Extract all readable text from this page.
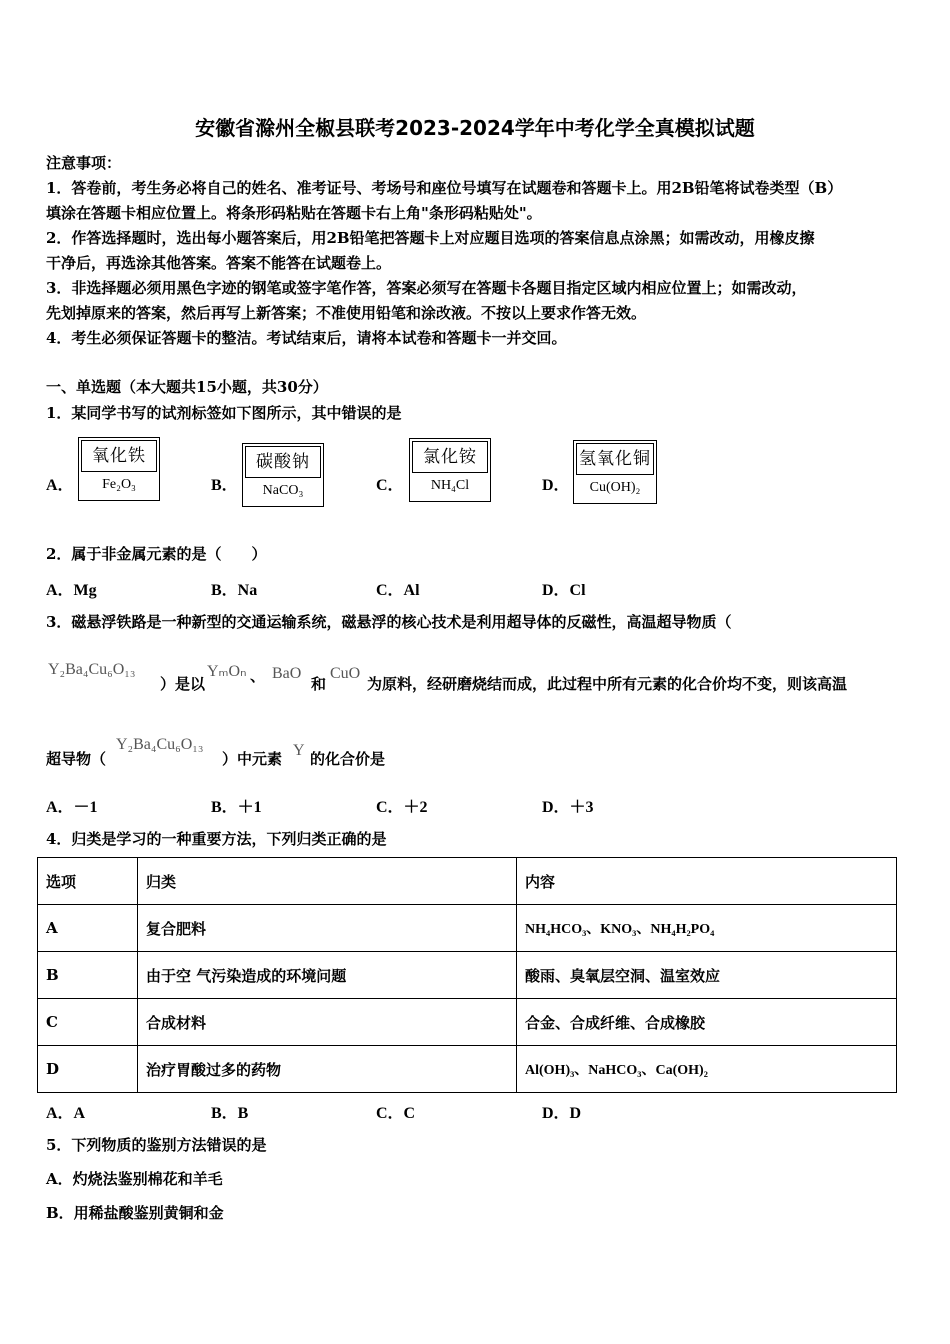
安徽省滁州全椒县联考2023-2024学年中考化学全真模拟试题
注意事项：
1．答卷前，考生务必将自己的姓名、准考证号、考场号和座位号填写在试题卷和答题卡上。用2B铅笔将试卷类型（B）
填涂在答题卡相应位置上。将条形码粘贴在答题卡右上角"条形码粘贴处"。
2．作答选择题时，选出每小题答案后，用2B铅笔把答题卡上对应题目选项的答案信息点涂黑；如需改动，用橡皮擦
干净后，再选涂其他答案。答案不能答在试题卷上。
3．非选择题必须用黑色字迹的钢笔或签字笔作答，答案必须写在答题卡各题目指定区域内相应位置上；如需改动，
先划掉原来的答案，然后再写上新答案；不准使用铅笔和涂改液。不按以上要求作答无效。
4．考生必须保证答题卡的整洁。考试结束后，请将本试卷和答题卡一并交回。
一、单选题（本大题共15小题，共30分）
1．某同学书写的试剂标签如下图所示，其中错误的是
A．
氧化铁
Fe₂O₃	B．
碳酸钠
NaCO₃	C．
氯化铵
NH₄Cl	D．
氢氧化铜
Cu(OH)₂
2．属于非金属元素的是（　　）
A．Mg	B．Na	C．Al	D．Cl
3．磁悬浮铁路是一种新型的交通运输系统，磁悬浮的核心技术是利用超导体的反磁性，高温超导物质（
Y₂Ba₄Cu₆O₁₃
）是以
YₘOₙ 、 BaO
和
CuO
为原料，经研磨烧结而成，此过程中所有元素的化合价均不变，则该高温
超导物（
Y₂Ba₄Cu₆O₁₃
）中元素 Y 的化合价是
A．－1	B．＋1	C．＋2	D．＋3
4．归类是学习的一种重要方法，下列归类正确的是
选项	归类	内容
A	复合肥料	NH₄HCO₃、KNO₃、NH₄H₂PO₄
B	由于空 气污染造成的环境问题	酸雨、臭氧层空洞、温室效应
C	合成材料	合金、合成纤维、合成橡胶
D	治疗胃酸过多的药物	Al(OH)₃、NaHCO₃、Ca(OH)₂
A．A	B．B	C．C	D．D
5．下列物质的鉴别方法错误的是
A．灼烧法鉴别棉花和羊毛
B．用稀盐酸鉴别黄铜和金
